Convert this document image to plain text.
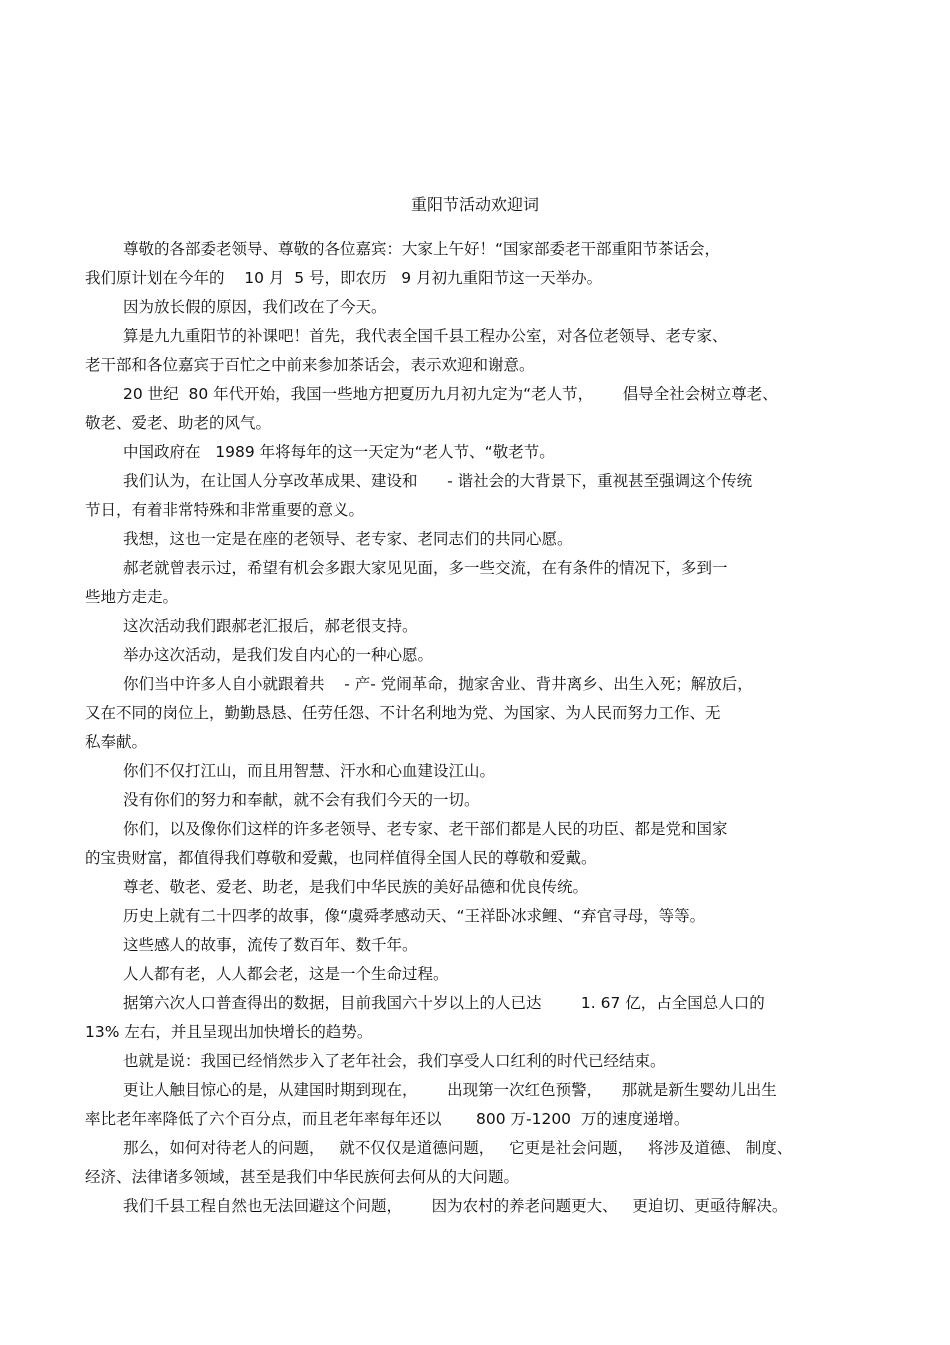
重阳节活动欢迎词
尊敬的各部委老领导、尊敬的各位嘉宾：大家上午好！“国家部委老干部重阳节茶话会，
我们原计划在今年的    10 月  5 号，即农历   9 月初九重阳节这一天举办。
因为放长假的原因，我们改在了今天。
算是九九重阳节的补课吧！首先，我代表全国千县工程办公室，对各位老领导、老专家、
老干部和各位嘉宾于百忙之中前来参加茶话会，表示欢迎和谢意。
20 世纪  80 年代开始，我国一些地方把夏历九月初九定为“老人节，      倡导全社会树立尊老、
敬老、爱老、助老的风气。
中国政府在   1989 年将每年的这一天定为“老人节、“敬老节。
我们认为，在让国人分享改革成果、建设和      - 谐社会的大背景下，重视甚至强调这个传统
节日，有着非常特殊和非常重要的意义。
我想，这也一定是在座的老领导、老专家、老同志们的共同心愿。
郝老就曾表示过，希望有机会多跟大家见见面，多一些交流，在有条件的情况下，多到一
些地方走走。
这次活动我们跟郝老汇报后，郝老很支持。
举办这次活动，是我们发自内心的一种心愿。
你们当中许多人自小就跟着共    - 产- 党闹革命，抛家舍业、背井离乡、出生入死；解放后，
又在不同的岗位上，勤勤恳恳、任劳任怨、不计名利地为党、为国家、为人民而努力工作、无
私奉献。
你们不仅打江山，而且用智慧、汗水和心血建设江山。
没有你们的努力和奉献，就不会有我们今天的一切。
你们，以及像你们这样的许多老领导、老专家、老干部们都是人民的功臣、都是党和国家
的宝贵财富，都值得我们尊敬和爱戴，也同样值得全国人民的尊敬和爱戴。
尊老、敬老、爱老、助老，是我们中华民族的美好品德和优良传统。
历史上就有二十四孝的故事，像“虞舜孝感动天、“王祥卧冰求鲤、“弃官寻母，等等。
这些感人的故事，流传了数百年、数千年。
人人都有老，人人都会老，这是一个生命过程。
据第六次人口普查得出的数据，目前我国六十岁以上的人已达        1. 67 亿，占全国总人口的
13% 左右，并且呈现出加快增长的趋势。
也就是说：我国已经悄然步入了老年社会，我们享受人口红利的时代已经结束。
更让人触目惊心的是，从建国时期到现在，      出现第一次红色预警，    那就是新生婴幼儿出生
率比老年率降低了六个百分点，而且老年率每年还以       800 万-1200  万的速度递增。
那么，如何对待老人的问题，   就不仅仅是道德问题，   它更是社会问题，   将涉及道德、 制度、
经济、法律诸多领域，甚至是我们中华民族何去何从的大问题。
我们千县工程自然也无法回避这个问题，      因为农村的养老问题更大、   更迫切、更亟待解决。
